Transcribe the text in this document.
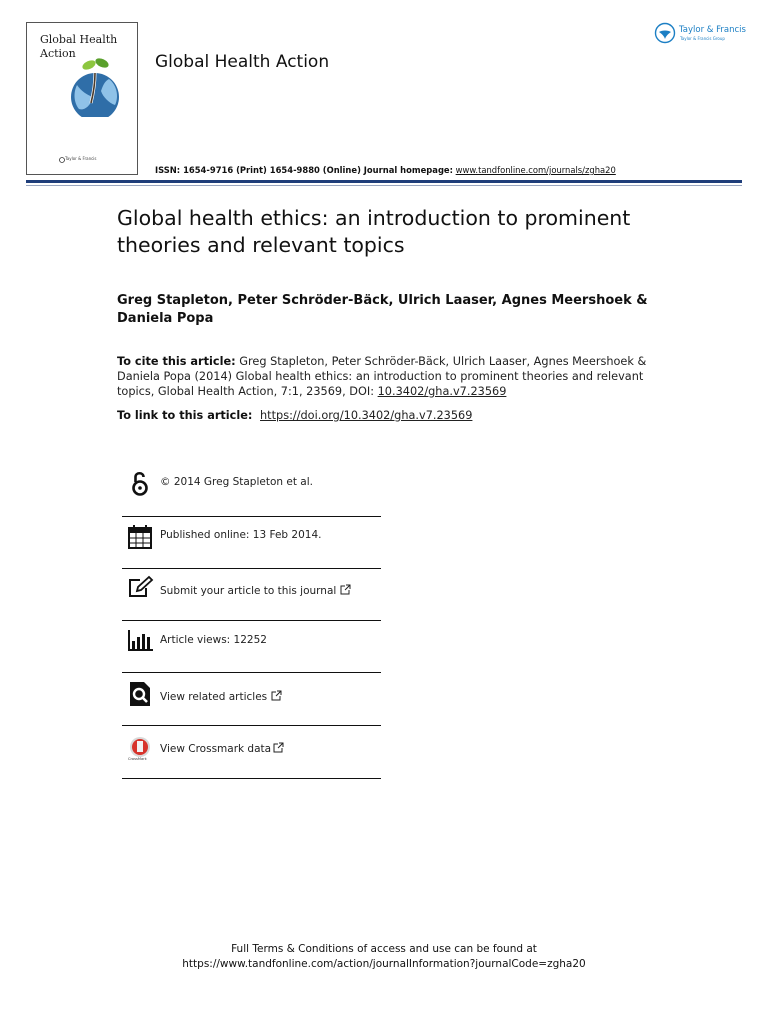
Global Health Action
Taylor & Francis
Global Health Action
Taylor & Francis
Taylor & Francis Group
ISSN: 1654-9716 (Print) 1654-9880 (Online) Journal homepage: www.tandfonline.com/journals/zgha20
Global health ethics: an introduction to prominent theories and relevant topics
Greg Stapleton, Peter Schröder-Bäck, Ulrich Laaser, Agnes Meershoek & Daniela Popa
To cite this article: Greg Stapleton, Peter Schröder-Bäck, Ulrich Laaser, Agnes Meershoek & Daniela Popa (2014) Global health ethics: an introduction to prominent theories and relevant topics, Global Health Action, 7:1, 23569, DOI: 10.3402/gha.v7.23569
To link to this article: https://doi.org/10.3402/gha.v7.23569
© 2014 Greg Stapleton et al.
Published online: 13 Feb 2014.
Submit your article to this journal
Article views: 12252
View related articles
CrossMark
View Crossmark data
Full Terms & Conditions of access and use can be found at
https://www.tandfonline.com/action/journalInformation?journalCode=zgha20
